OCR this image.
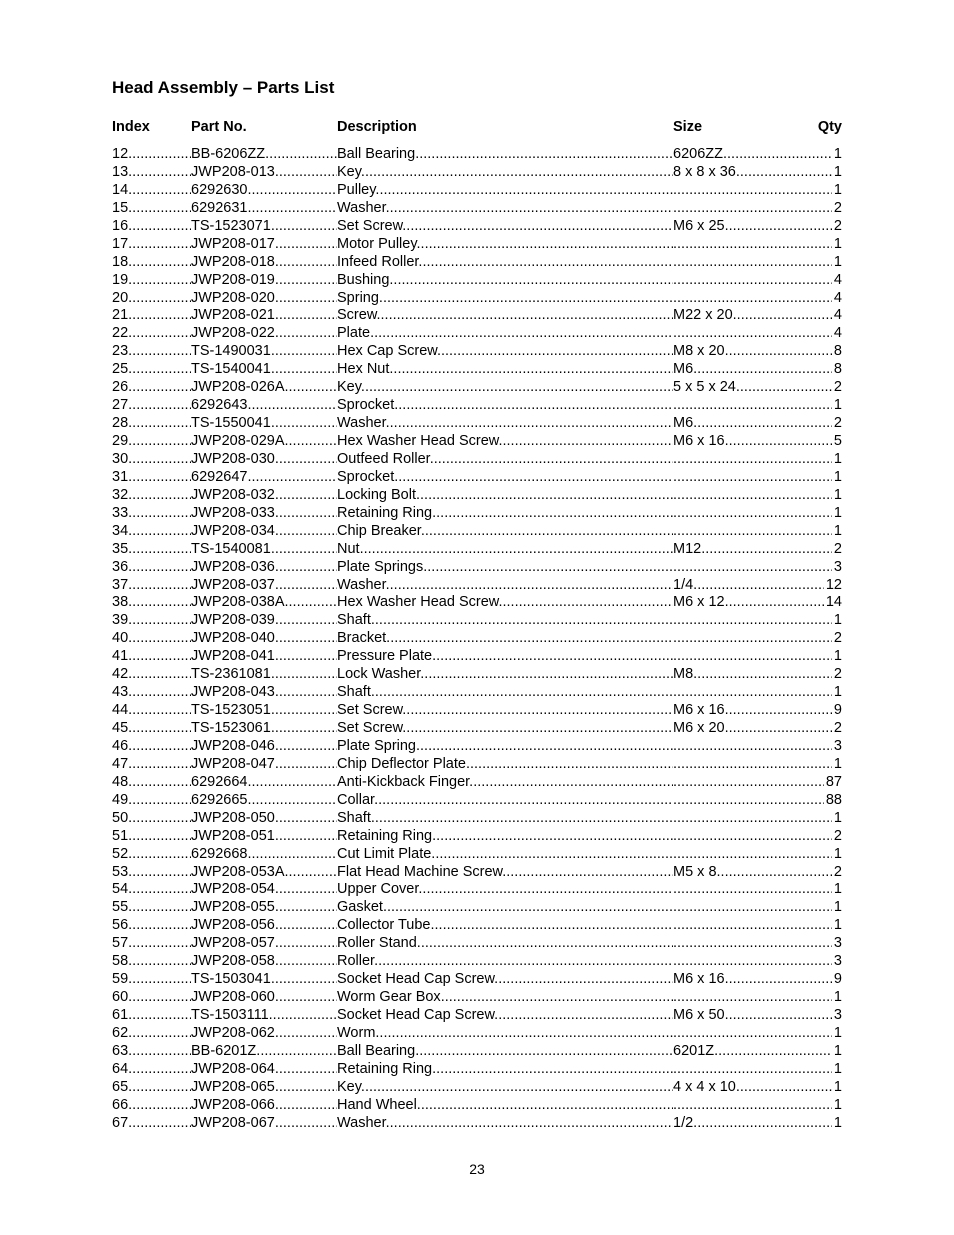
Head Assembly – Parts List
Index	Part No.	Description	Size	Qty
12 .....	BB-6206ZZ .....	Ball Bearing .....	6206ZZ .....	1
13 .....	JWP208-013 .....	Key .....	8 x 8 x 36 .....	1
14 .....	6292630 .....	Pulley ..... .....	1
15 .....	6292631 .....	Washer ..... .....	2
16 .....	TS-1523071 .....	Set Screw .....	M6 x 25 .....	2
17 .....	JWP208-017 .....	Motor Pulley ..... .....	1
18 .....	JWP208-018 .....	Infeed Roller ..... .....	1
19 .....	JWP208-019 .....	Bushing ..... .....	4
20 .....	JWP208-020 .....	Spring ..... .....	4
21 .....	JWP208-021 .....	Screw .....	M22 x 20 .....	4
22 .....	JWP208-022 .....	Plate ..... .....	4
23 .....	TS-1490031 .....	Hex Cap Screw .....	M8 x 20 .....	8
25 .....	TS-1540041 .....	Hex Nut .....	M6 .....	8
26 .....	JWP208-026A .....	Key .....	5 x 5 x 24 .....	2
27 .....	6292643 .....	Sprocket ..... .....	1
28 .....	TS-1550041 .....	Washer .....	M6 .....	2
29 .....	JWP208-029A .....	Hex Washer Head Screw .....	M6 x 16 .....	5
30 .....	JWP208-030 .....	Outfeed Roller ..... .....	1
31 .....	6292647 .....	Sprocket ..... .....	1
32 .....	JWP208-032 .....	Locking Bolt ..... .....	1
33 .....	JWP208-033 .....	Retaining Ring ..... .....	1
34 .....	JWP208-034 .....	Chip Breaker ..... .....	1
35 .....	TS-1540081 .....	Nut .....	M12 .....	2
36 .....	JWP208-036 .....	Plate Springs ..... .....	3
37 .....	JWP208-037 .....	Washer .....	1/4 .....	12
38 .....	JWP208-038A .....	Hex Washer Head Screw .....	M6 x 12 .....	14
39 .....	JWP208-039 .....	Shaft ..... .....	1
40 .....	JWP208-040 .....	Bracket ..... .....	2
41 .....	JWP208-041 .....	Pressure Plate ..... .....	1
42 .....	TS-2361081 .....	Lock Washer .....	M8 .....	2
43 .....	JWP208-043 .....	Shaft ..... .....	1
44 .....	TS-1523051 .....	Set Screw .....	M6 x 16 .....	9
45 .....	TS-1523061 .....	Set Screw .....	M6 x 20 .....	2
46 .....	JWP208-046 .....	Plate Spring ..... .....	3
47 .....	JWP208-047 .....	Chip Deflector Plate ..... .....	1
48 .....	6292664 .....	Anti-Kickback Finger ..... .....	87
49 .....	6292665 .....	Collar ..... .....	88
50 .....	JWP208-050 .....	Shaft ..... .....	1
51 .....	JWP208-051 .....	Retaining Ring ..... .....	2
52 .....	6292668 .....	Cut Limit Plate ..... .....	1
53 .....	JWP208-053A .....	Flat Head Machine Screw .....	M5 x 8 .....	2
54 .....	JWP208-054 .....	Upper Cover ..... .....	1
55 .....	JWP208-055 .....	Gasket ..... .....	1
56 .....	JWP208-056 .....	Collector Tube ..... .....	1
57 .....	JWP208-057 .....	Roller Stand ..... .....	3
58 .....	JWP208-058 .....	Roller ..... .....	3
59 .....	TS-1503041 .....	Socket Head Cap Screw .....	M6 x 16 .....	9
60 .....	JWP208-060 .....	Worm Gear Box ..... .....	1
61 .....	TS-1503111 .....	Socket Head Cap Screw .....	M6 x 50 .....	3
62 .....	JWP208-062 .....	Worm ..... .....	1
63 .....	BB-6201Z .....	Ball Bearing .....	6201Z .....	1
64 .....	JWP208-064 .....	Retaining Ring ..... .....	1
65 .....	JWP208-065 .....	Key .....	4 x 4 x 10 .....	1
66 .....	JWP208-066 .....	Hand Wheel ..... .....	1
67 .....	JWP208-067 .....	Washer .....	1/2 .....	1
23
